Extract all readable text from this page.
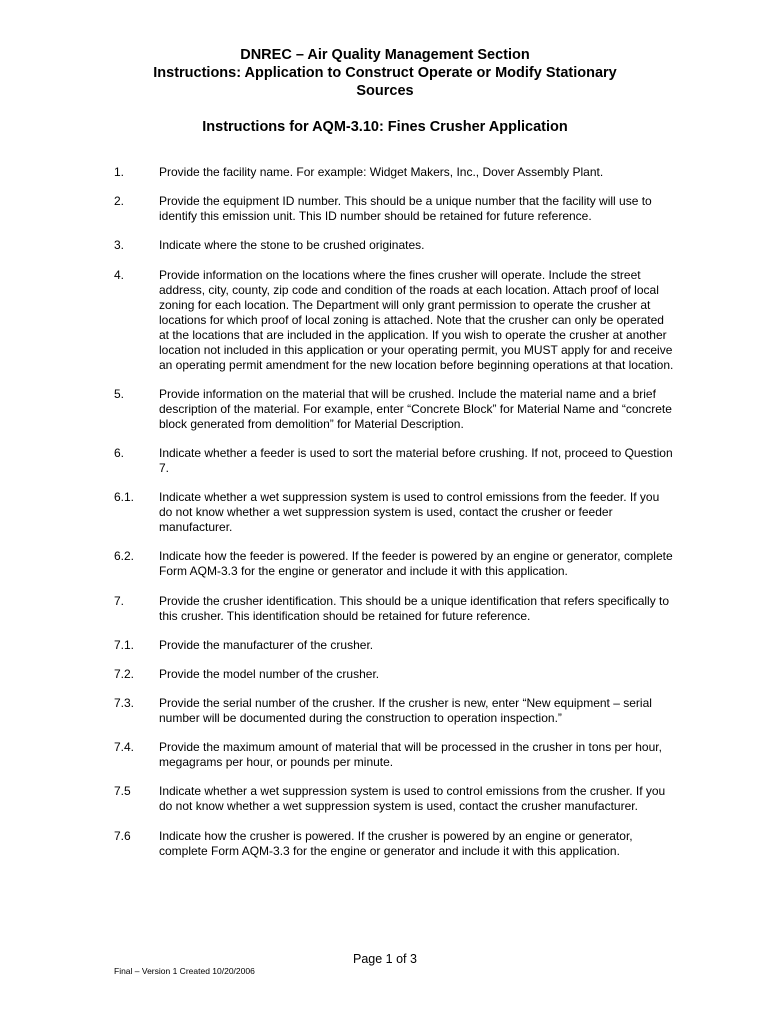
DNREC – Air Quality Management Section
Instructions: Application to Construct Operate or Modify Stationary
Sources
Instructions for AQM-3.10: Fines Crusher Application
1.	Provide the facility name. For example: Widget Makers, Inc., Dover Assembly Plant.
2.	Provide the equipment ID number. This should be a unique number that the facility will use to identify this emission unit. This ID number should be retained for future reference.
3.	Indicate where the stone to be crushed originates.
4.	Provide information on the locations where the fines crusher will operate. Include the street address, city, county, zip code and condition of the roads at each location. Attach proof of local zoning for each location. The Department will only grant permission to operate the crusher at locations for which proof of local zoning is attached. Note that the crusher can only be operated at the locations that are included in the application. If you wish to operate the crusher at another location not included in this application or your operating permit, you MUST apply for and receive an operating permit amendment for the new location before beginning operations at that location.
5.	Provide information on the material that will be crushed. Include the material name and a brief description of the material. For example, enter “Concrete Block” for Material Name and “concrete block generated from demolition” for Material Description.
6.	Indicate whether a feeder is used to sort the material before crushing. If not, proceed to Question 7.
6.1.	Indicate whether a wet suppression system is used to control emissions from the feeder. If you do not know whether a wet suppression system is used, contact the crusher or feeder manufacturer.
6.2.	Indicate how the feeder is powered. If the feeder is powered by an engine or generator, complete Form AQM-3.3 for the engine or generator and include it with this application.
7.	Provide the crusher identification. This should be a unique identification that refers specifically to this crusher. This identification should be retained for future reference.
7.1.	Provide the manufacturer of the crusher.
7.2.	Provide the model number of the crusher.
7.3.	Provide the serial number of the crusher. If the crusher is new, enter “New equipment – serial number will be documented during the construction to operation inspection.”
7.4.	Provide the maximum amount of material that will be processed in the crusher in tons per hour, megagrams per hour, or pounds per minute.
7.5	Indicate whether a wet suppression system is used to control emissions from the crusher. If you do not know whether a wet suppression system is used, contact the crusher manufacturer.
7.6	Indicate how the crusher is powered. If the crusher is powered by an engine or generator, complete Form AQM-3.3 for the engine or generator and include it with this application.
Page 1 of 3
Final – Version 1 Created 10/20/2006
